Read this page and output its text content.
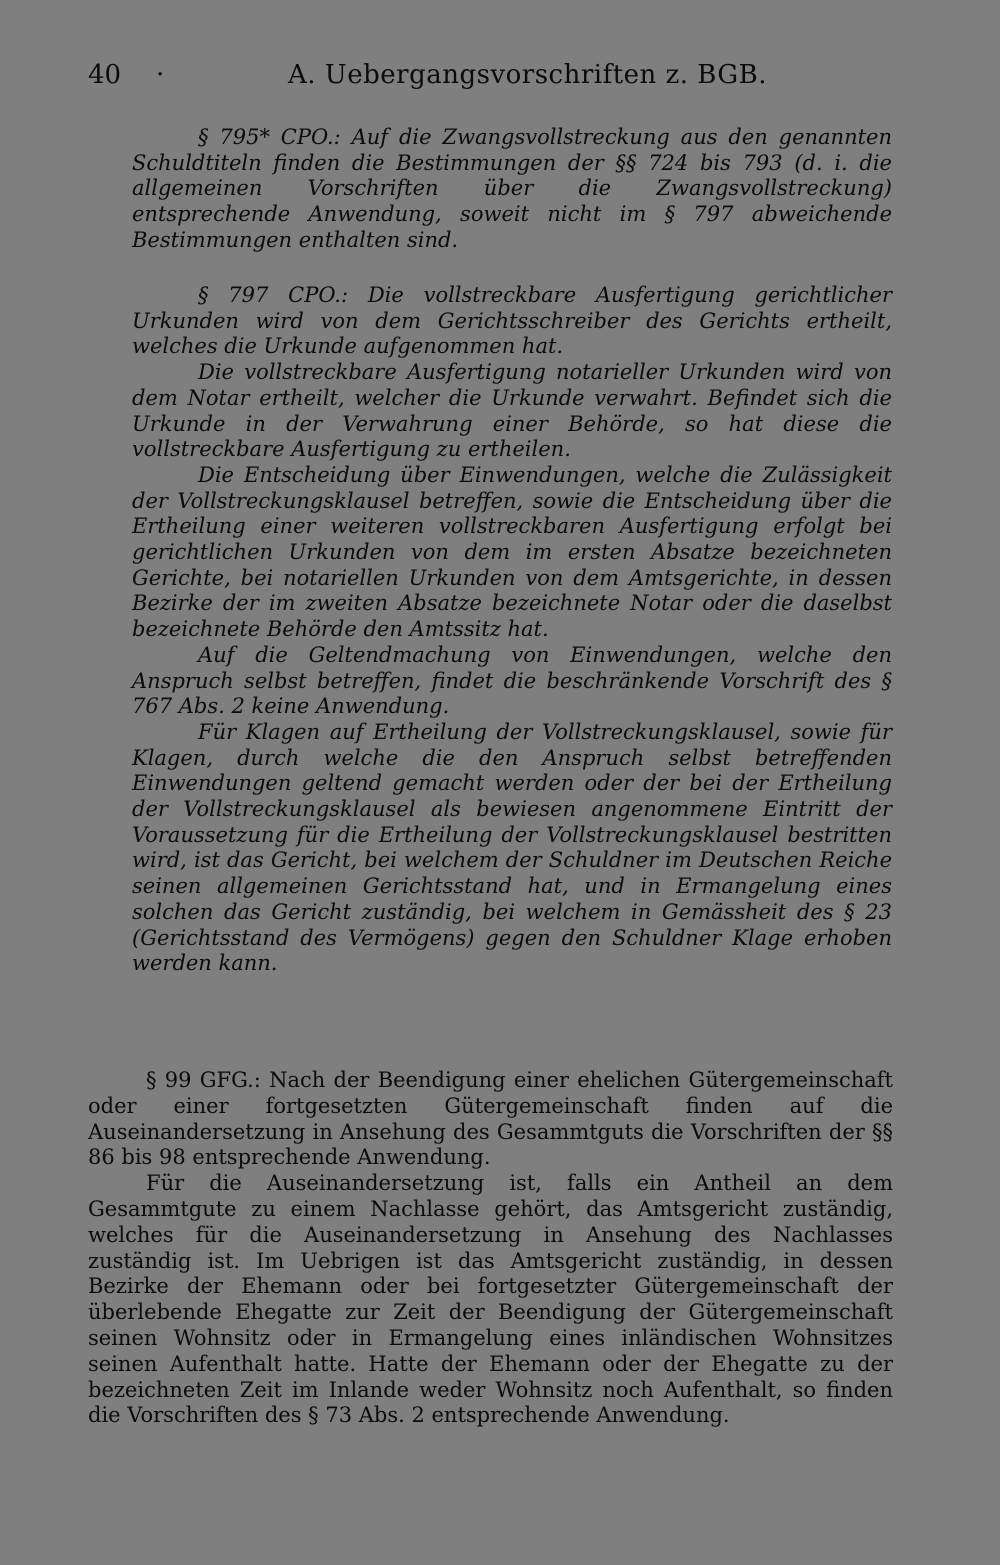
40 ·	A. Uebergangsvorschriften z. BGB.

§ 795* CPO.: Auf die Zwangsvollstreckung aus den genannten Schuldtiteln finden die Bestimmungen der §§ 724 bis 793 (d. i. die allgemeinen Vorschriften über die Zwangsvollstreckung) entsprechende Anwendung, soweit nicht im § 797 abweichende Bestimmungen enthalten sind.

§ 797 CPO.: Die vollstreckbare Ausfertigung gerichtlicher Urkunden wird von dem Gerichtsschreiber des Gerichts ertheilt, welches die Urkunde aufgenommen hat.

Die vollstreckbare Ausfertigung notarieller Urkunden wird von dem Notar ertheilt, welcher die Urkunde verwahrt. Befindet sich die Urkunde in der Verwahrung einer Behörde, so hat diese die vollstreckbare Ausfertigung zu ertheilen.

Die Entscheidung über Einwendungen, welche die Zulässigkeit der Vollstreckungsklausel betreffen, sowie die Entscheidung über die Ertheilung einer weiteren vollstreckbaren Ausfertigung erfolgt bei gerichtlichen Urkunden von dem im ersten Absatze bezeichneten Gerichte, bei notariellen Urkunden von dem Amtsgerichte, in dessen Bezirke der im zweiten Absatze bezeichnete Notar oder die daselbst bezeichnete Behörde den Amtssitz hat.

Auf die Geltendmachung von Einwendungen, welche den Anspruch selbst betreffen, findet die beschränkende Vorschrift des § 767 Abs. 2 keine Anwendung.

Für Klagen auf Ertheilung der Vollstreckungsklausel, sowie für Klagen, durch welche die den Anspruch selbst betreffenden Einwendungen geltend gemacht werden oder der bei der Ertheilung der Vollstreckungsklausel als bewiesen angenommene Eintritt der Voraussetzung für die Ertheilung der Vollstreckungsklausel bestritten wird, ist das Gericht, bei welchem der Schuldner im Deutschen Reiche seinen allgemeinen Gerichtsstand hat, und in Ermangelung eines solchen das Gericht zuständig, bei welchem in Gemässheit des § 23 (Gerichtsstand des Vermögens) gegen den Schuldner Klage erhoben werden kann.

§ 99 GFG.: Nach der Beendigung einer ehelichen Gütergemeinschaft oder einer fortgesetzten Gütergemeinschaft finden auf die Auseinandersetzung in Ansehung des Gesammtguts die Vorschriften der §§ 86 bis 98 entsprechende Anwendung.

Für die Auseinandersetzung ist, falls ein Antheil an dem Gesammtgute zu einem Nachlasse gehört, das Amtsgericht zuständig, welches für die Auseinandersetzung in Ansehung des Nachlasses zuständig ist. Im Uebrigen ist das Amtsgericht zuständig, in dessen Bezirke der Ehemann oder bei fortgesetzter Gütergemeinschaft der überlebende Ehegatte zur Zeit der Beendigung der Gütergemeinschaft seinen Wohnsitz oder in Ermangelung eines inländischen Wohnsitzes seinen Aufenthalt hatte. Hatte der Ehemann oder der Ehegatte zu der bezeichneten Zeit im Inlande weder Wohnsitz noch Aufenthalt, so finden die Vorschriften des § 73 Abs. 2 entsprechende Anwendung.
